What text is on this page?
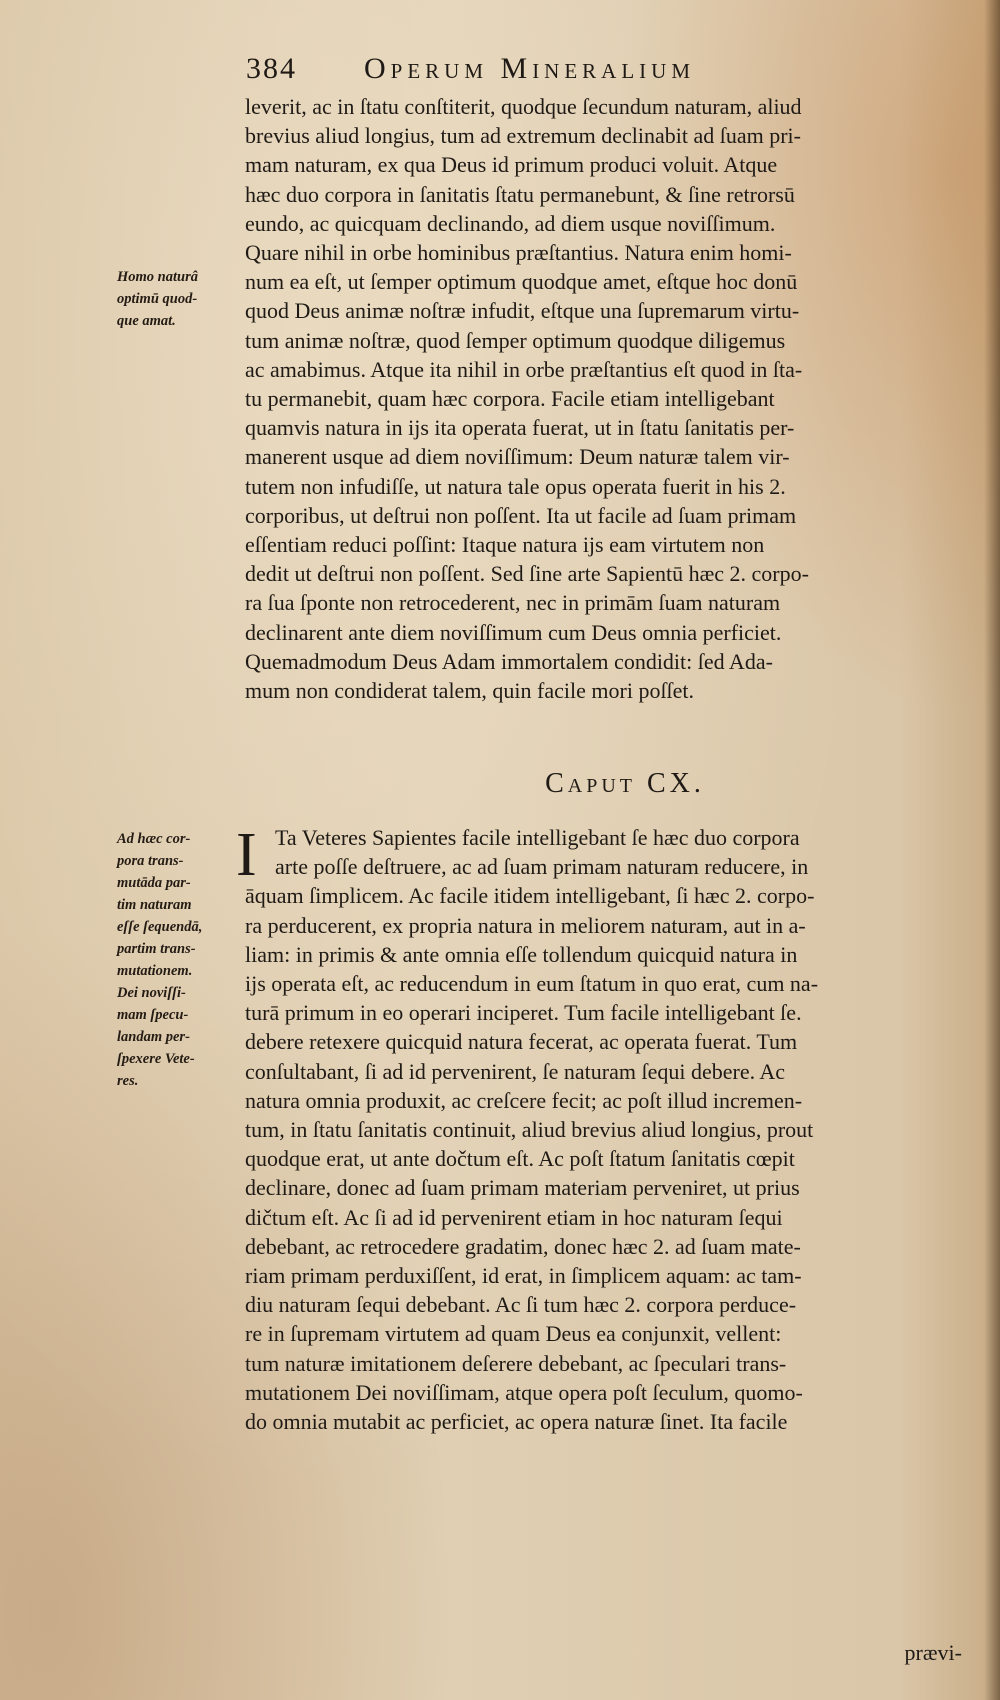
384 Operum Mineralium
Homo naturâ
optimū quod-
que amat.
leverit, ac in ſtatu conſtiterit, quodque ſecundum naturam, aliud
brevius aliud longius, tum ad extremum declinabit ad ſuam pri-
mam naturam, ex qua Deus id primum produci voluit. Atque
hæc duo corpora in ſanitatis ſtatu permanebunt, & ſine retrorsū
eundo, ac quicquam declinando, ad diem usque noviſſimum.
Quare nihil in orbe hominibus præſtantius. Natura enim homi-
num ea eſt, ut ſemper optimum quodque amet, eſtque hoc donū
quod Deus animæ noſtræ infudit, eſtque una ſupremarum virtu-
tum animæ noſtræ, quod ſemper optimum quodque diligemus
ac amabimus. Atque ita nihil in orbe præſtantius eſt quod in ſta-
tu permanebit, quam hæc corpora. Facile etiam intelligebant
quamvis natura in ijs ita operata fuerat, ut in ſtatu ſanitatis per-
manerent usque ad diem noviſſimum: Deum naturæ talem vir-
tutem non infudiſſe, ut natura tale opus operata fuerit in his 2.
corporibus, ut deſtrui non poſſent. Ita ut facile ad ſuam primam
eſſentiam reduci poſſint: Itaque natura ijs eam virtutem non
dedit ut deſtrui non poſſent. Sed ſine arte Sapientū hæc 2. corpo-
ra ſua ſponte non retrocederent, nec in primām ſuam naturam
declinarent ante diem noviſſimum cum Deus omnia perficiet.
Quemadmodum Deus Adam immortalem condidit: ſed Ada-
mum non condiderat talem, quin facile mori poſſet.
Caput CX.
Ad hæc cor-
pora trans-
mutāda par-
tim naturam
eſſe ſequendā,
partim trans-
mutationem.
Dei noviſſi-
mam ſpecu-
landam per-
ſpexere Vete-
res.
I Ta Veteres Sapientes facile intelligebant ſe hæc duo corpora
arte poſſe deſtruere, ac ad ſuam primam naturam reducere, in
āquam ſimplicem. Ac facile itidem intelligebant, ſi hæc 2. corpo-
ra perducerent, ex propria natura in meliorem naturam, aut in a-
liam: in primis & ante omnia eſſe tollendum quicquid natura in
ijs operata eſt, ac reducendum in eum ſtatum in quo erat, cum na-
turā primum in eo operari inciperet. Tum facile intelligebant ſe.
debere retexere quicquid natura fecerat, ac operata fuerat. Tum
conſultabant, ſi ad id pervenirent, ſe naturam ſequi debere. Ac
natura omnia produxit, ac creſcere fecit; ac poſt illud incremen-
tum, in ſtatu ſanitatis continuit, aliud brevius aliud longius, prout
quodque erat, ut ante dočtum eſt. Ac poſt ſtatum ſanitatis cœpit
declinare, donec ad ſuam primam materiam perveniret, ut prius
dičtum eſt. Ac ſi ad id pervenirent etiam in hoc naturam ſequi
debebant, ac retrocedere gradatim, donec hæc 2. ad ſuam mate-
riam primam perduxiſſent, id erat, in ſimplicem aquam: ac tam-
diu naturam ſequi debebant. Ac ſi tum hæc 2. corpora perduce-
re in ſupremam virtutem ad quam Deus ea conjunxit, vellent:
tum naturæ imitationem deſerere debebant, ac ſpeculari trans-
mutationem Dei noviſſimam, atque opera poſt ſeculum, quomo-
do omnia mutabit ac perficiet, ac opera naturæ ſinet. Ita facile
prævi-
